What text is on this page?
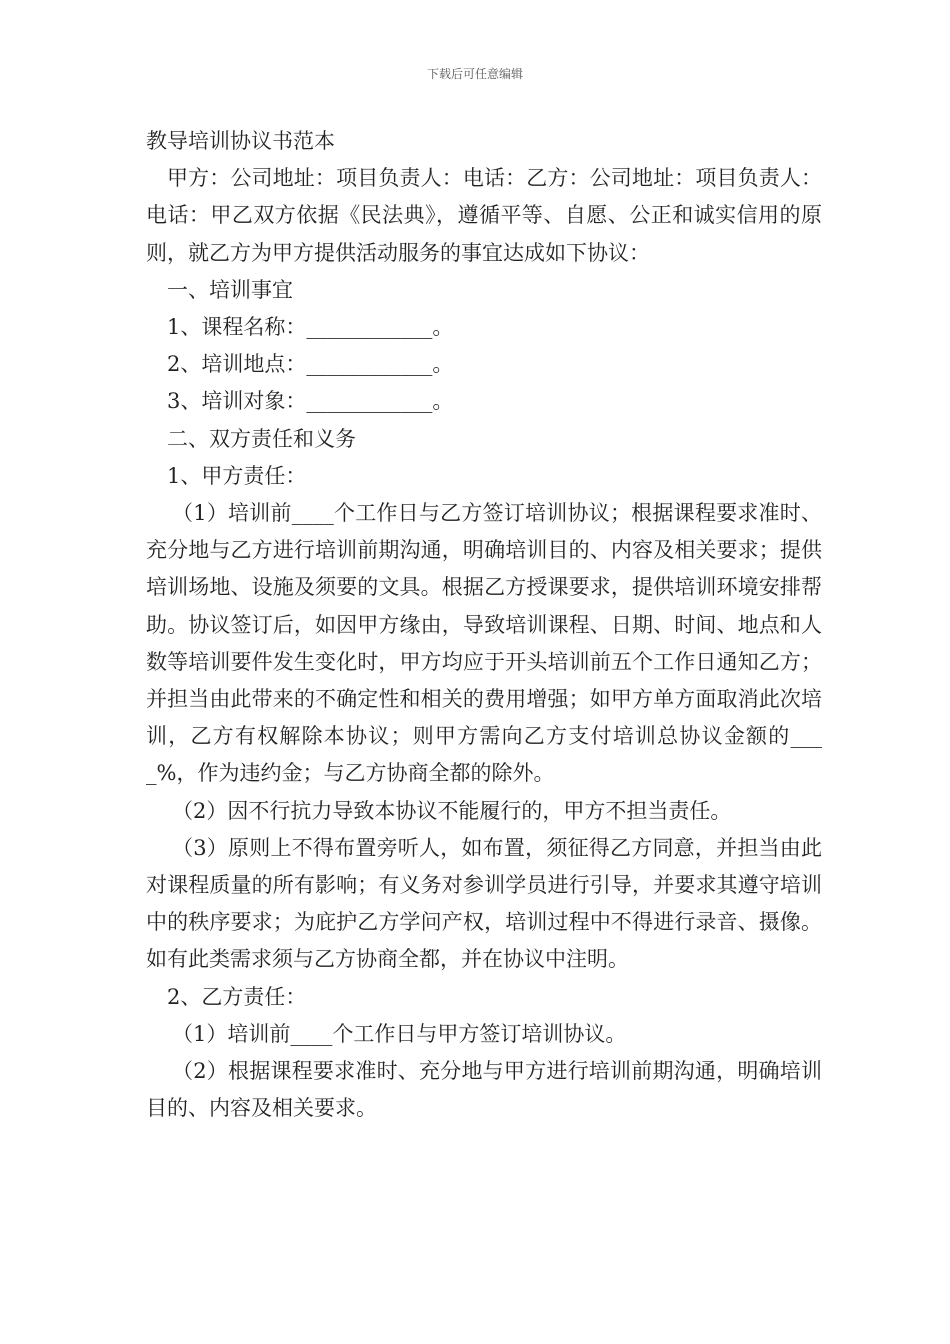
下载后可任意编辑

教导培训协议书范本

甲方：公司地址：项目负责人：电话：乙方：公司地址：项目负责人：电话：甲乙双方依据《民法典》，遵循平等、自愿、公正和诚实信用的原则，就乙方为甲方提供活动服务的事宜达成如下协议：

一、培训事宜

1、课程名称：____________。

2、培训地点：____________。

3、培训对象：____________。

二、双方责任和义务

1、甲方责任：

（1）培训前____个工作日与乙方签订培训协议；根据课程要求准时、充分地与乙方进行培训前期沟通，明确培训目的、内容及相关要求；提供培训场地、设施及须要的文具。根据乙方授课要求，提供培训环境安排帮助。协议签订后，如因甲方缘由，导致培训课程、日期、时间、地点和人数等培训要件发生变化时，甲方均应于开头培训前五个工作日通知乙方；并担当由此带来的不确定性和相关的费用增强；如甲方单方面取消此次培训，乙方有权解除本协议；则甲方需向乙方支付培训总协议金额的____%，作为违约金；与乙方协商全都的除外。

（2）因不行抗力导致本协议不能履行的，甲方不担当责任。

（3）原则上不得布置旁听人，如布置，须征得乙方同意，并担当由此对课程质量的所有影响；有义务对参训学员进行引导，并要求其遵守培训中的秩序要求；为庇护乙方学问产权，培训过程中不得进行录音、摄像。如有此类需求须与乙方协商全都，并在协议中注明。

2、乙方责任：

（1）培训前____个工作日与甲方签订培训协议。

（2）根据课程要求准时、充分地与甲方进行培训前期沟通，明确培训目的、内容及相关要求。
